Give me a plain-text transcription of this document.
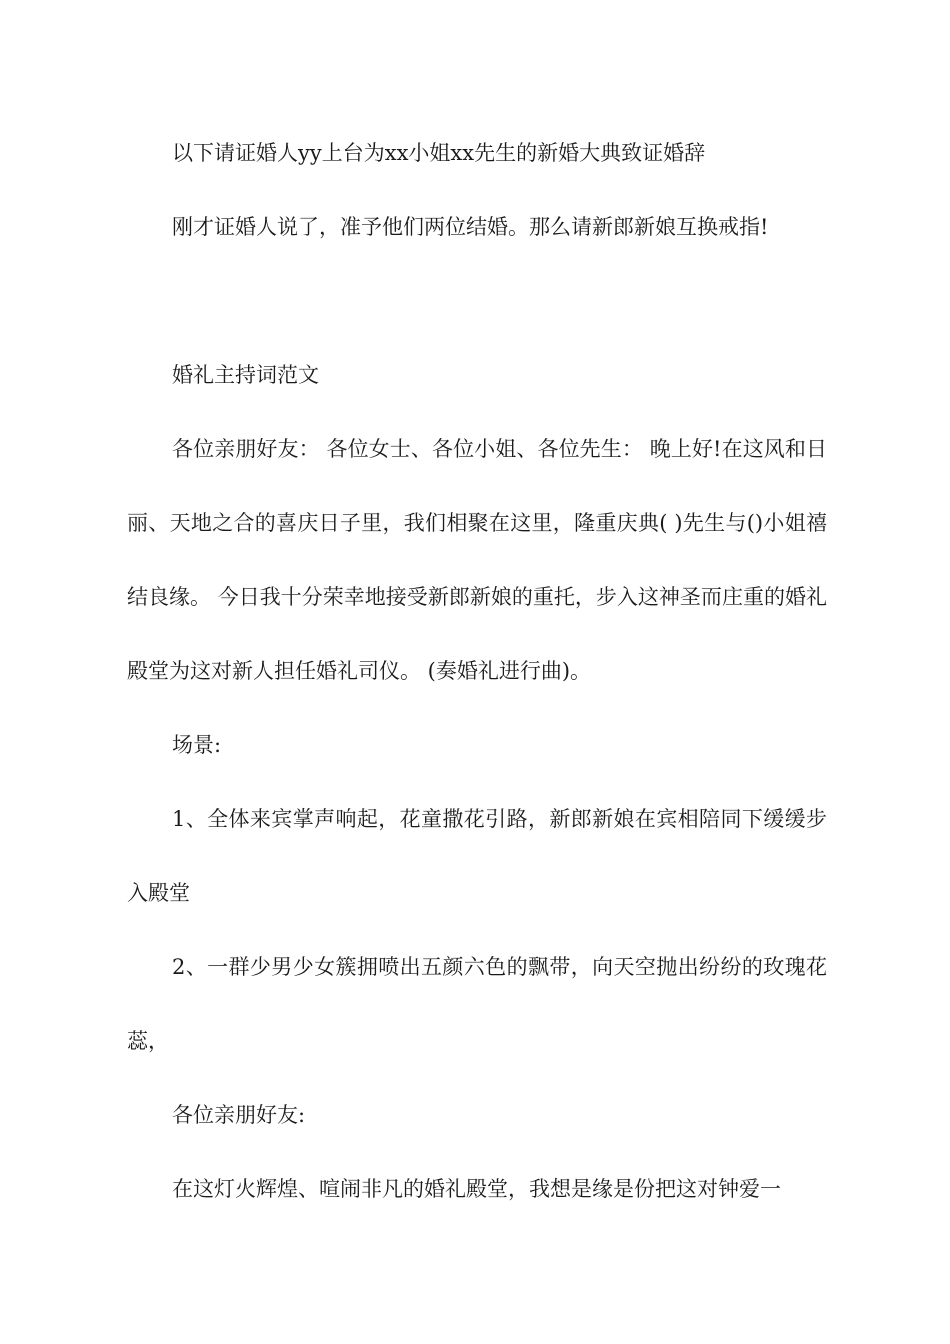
以下请证婚人yy上台为xx小姐xx先生的新婚大典致证婚辞

刚才证婚人说了，准予他们两位结婚。那么请新郎新娘互换戒指!

婚礼主持词范文

各位亲朋好友： 各位女士、各位小姐、各位先生： 晚上好!在这风和日丽、天地之合的喜庆日子里，我们相聚在这里，隆重庆典( )先生与()小姐禧结良缘。 今日我十分荣幸地接受新郎新娘的重托，步入这神圣而庄重的婚礼殿堂为这对新人担任婚礼司仪。 (奏婚礼进行曲)。

场景:

1、全体来宾掌声响起，花童撒花引路，新郎新娘在宾相陪同下缓缓步入殿堂

2、一群少男少女簇拥喷出五颜六色的飘带，向天空抛出纷纷的玫瑰花蕊，

各位亲朋好友:

在这灯火辉煌、喧闹非凡的婚礼殿堂，我想是缘是份把这对钟爱一
